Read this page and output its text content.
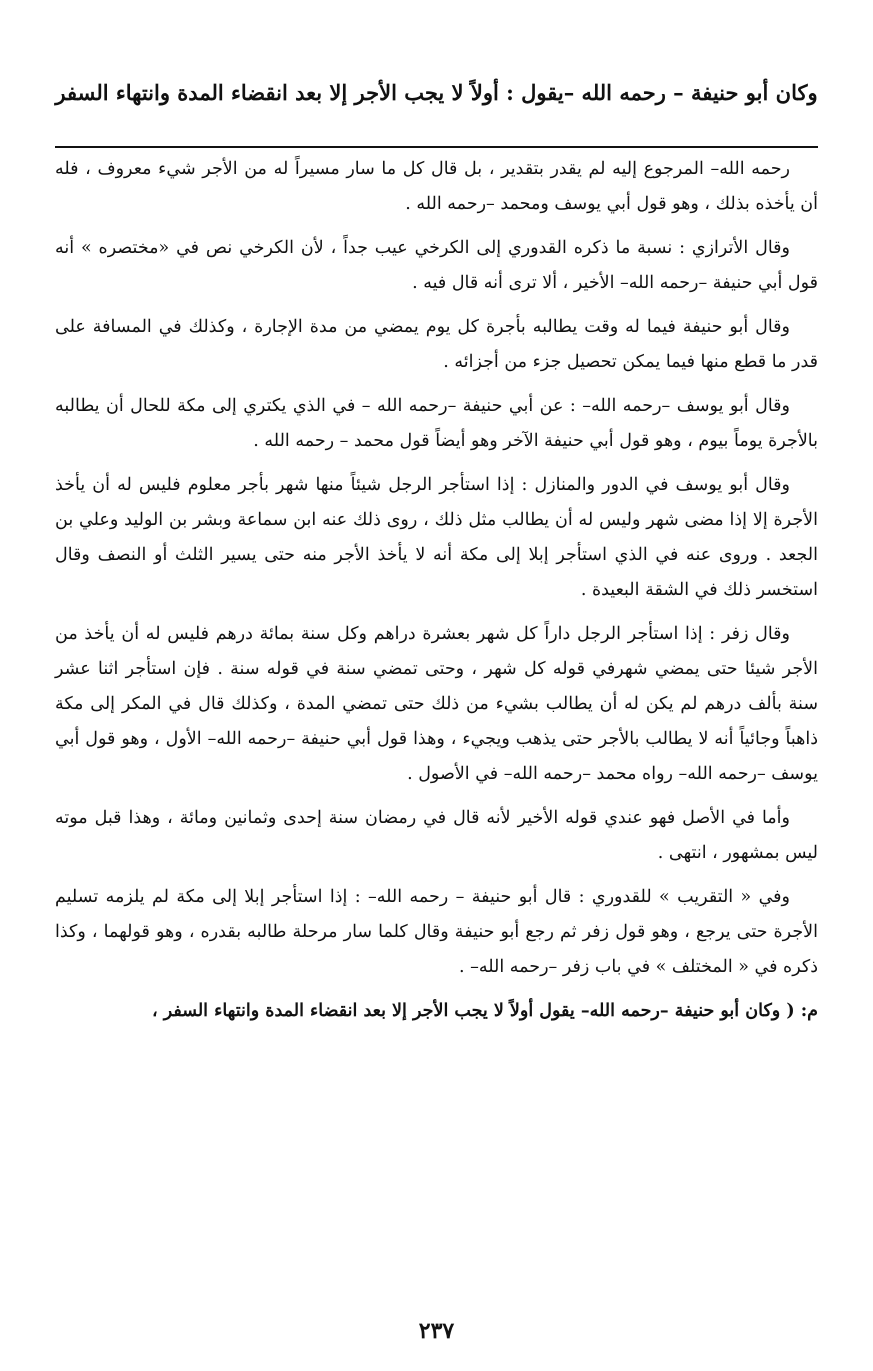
وكان أبو حنيفة – رحمه الله –يقول : أولاً لا يجب الأجر إلا بعد انقضاء المدة وانتهاء السفر

رحمه الله– المرجوع إليه لم يقدر بتقدير ، بل قال كل ما سار مسيراً له من الأجر شيء معروف ، فله أن يأخذه بذلك ، وهو قول أبي يوسف ومحمد –رحمه الله .

وقال الأترازي : نسبة ما ذكره القدوري إلى الكرخي عيب جداً ، لأن الكرخي نص في «مختصره » أنه قول أبي حنيفة –رحمه الله– الأخير ، ألا ترى أنه قال فيه .

وقال أبو حنيفة فيما له وقت يطالبه بأجرة كل يوم يمضي من مدة الإجارة ، وكذلك في المسافة على قدر ما قطع منها فيما يمكن تحصيل جزء من أجزائه .

وقال أبو يوسف –رحمه الله– : عن أبي حنيفة –رحمه الله – في الذي يكتري إلى مكة للحال أن يطالبه بالأجرة يوماً بيوم ، وهو قول أبي حنيفة الآخر وهو أيضاً قول محمد – رحمه الله .

وقال أبو يوسف في الدور والمنازل : إذا استأجر الرجل شيئاً منها شهر بأجر معلوم فليس له أن يأخذ الأجرة إلا إذا مضى شهر وليس له أن يطالب مثل ذلك ، روى ذلك عنه ابن سماعة وبشر بن الوليد وعلي بن الجعد . وروى عنه في الذي استأجر إبلا إلى مكة أنه لا يأخذ الأجر منه حتى يسير الثلث أو النصف وقال استخسر ذلك في الشقة البعيدة .

وقال زفر : إذا استأجر الرجل داراً كل شهر بعشرة دراهم وكل سنة بمائة درهم فليس له أن يأخذ من الأجر شيئا حتى يمضي شهرفي قوله كل شهر ، وحتى تمضي سنة في قوله سنة . فإن استأجر اثنا عشر سنة بألف درهم لم يكن له أن يطالب بشيء من ذلك حتى تمضي المدة ، وكذلك قال في المكر إلى مكة ذاهباً وجائياً أنه لا يطالب بالأجر حتى يذهب ويجيء ، وهذا قول أبي حنيفة –رحمه الله– الأول ، وهو قول أبي يوسف –رحمه الله– رواه محمد –رحمه الله– في الأصول .

وأما في الأصل فهو عندي قوله الأخير لأنه قال في رمضان سنة إحدى وثمانين ومائة ، وهذا قبل موته ليس بمشهور ، انتهى .

وفي « التقريب » للقدوري : قال أبو حنيفة – رحمه الله– : إذا استأجر إبلا إلى مكة لم يلزمه تسليم الأجرة حتى يرجع ، وهو قول زفر ثم رجع أبو حنيفة وقال كلما سار مرحلة طالبه بقدره ، وهو قولهما ، وكذا ذكره في « المختلف » في باب زفر –رحمه الله– .

م: ( وكان أبو حنيفة –رحمه الله– يقول أولاً لا يجب الأجر إلا بعد انقضاء المدة وانتهاء السفر ،

٢٣٧
